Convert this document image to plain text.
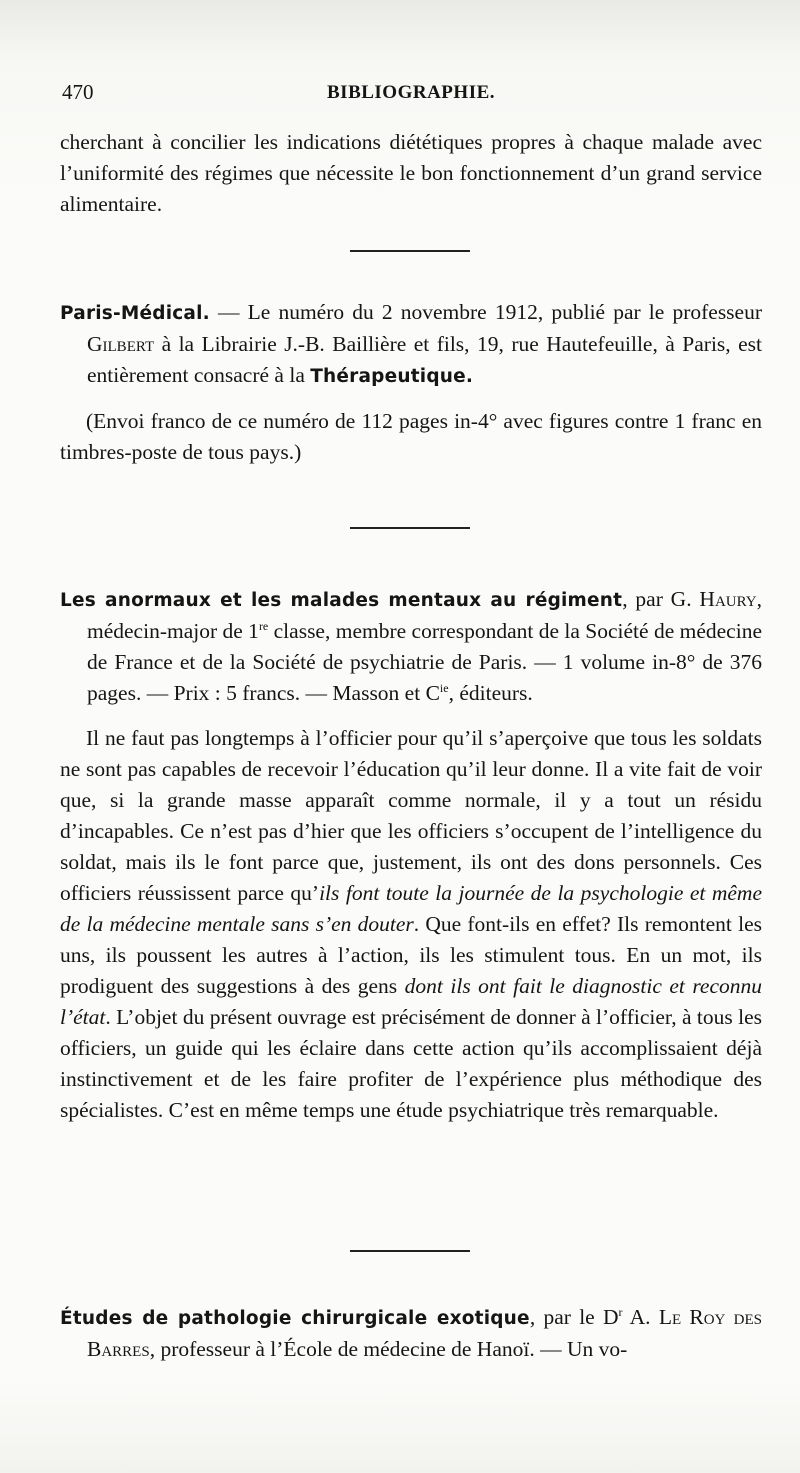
470	BIBLIOGRAPHIE.

cherchant à concilier les indications diététiques propres à chaque malade avec l’uniformité des régimes que nécessite le bon fonctionnement d’un grand service alimentaire.

Paris-Médical. — Le numéro du 2 novembre 1912, publié par le professeur Gilbert à la Librairie J.-B. Baillière et fils, 19, rue Hautefeuille, à Paris, est entièrement consacré à la Thérapeutique.

(Envoi franco de ce numéro de 112 pages in-4° avec figures contre 1 franc en timbres-poste de tous pays.)

Les anormaux et les malades mentaux au régiment, par G. Haury, médecin-major de 1re classe, membre correspondant de la Société de médecine de France et de la Société de psychiatrie de Paris. — 1 volume in-8° de 376 pages. — Prix : 5 francs. — Masson et $C^{ie}$, éditeurs.

Il ne faut pas longtemps à l’officier pour qu’il s’aperçoive que tous les soldats ne sont pas capables de recevoir l’éducation qu’il leur donne. Il a vite fait de voir que, si la grande masse apparaît comme normale, il y a tout un résidu d’incapables. Ce n’est pas d’hier que les officiers s’occupent de l’intelligence du soldat, mais ils le font parce que, justement, ils ont des dons personnels. Ces officiers réussissent parce qu’ils font toute la journée de la psychologie et même de la médecine mentale sans s’en douter. Que font-ils en effet? Ils remontent les uns, ils poussent les autres à l’action, ils les stimulent tous. En un mot, ils prodiguent des suggestions à des gens dont ils ont fait le diagnostic et reconnu l’état. L’objet du présent ouvrage est précisément de donner à l’officier, à tous les officiers, un guide qui les éclaire dans cette action qu’ils accomplissaient déjà instinctivement et de les faire profiter de l’expérience plus méthodique des spécialistes. C’est en même temps une étude psychiatrique très remarquable.

Études de pathologie chirurgicale exotique, par le $D^r$ A. Le Roy des Barres, professeur à l’École de médecine de Hanoï. — Un vo-
